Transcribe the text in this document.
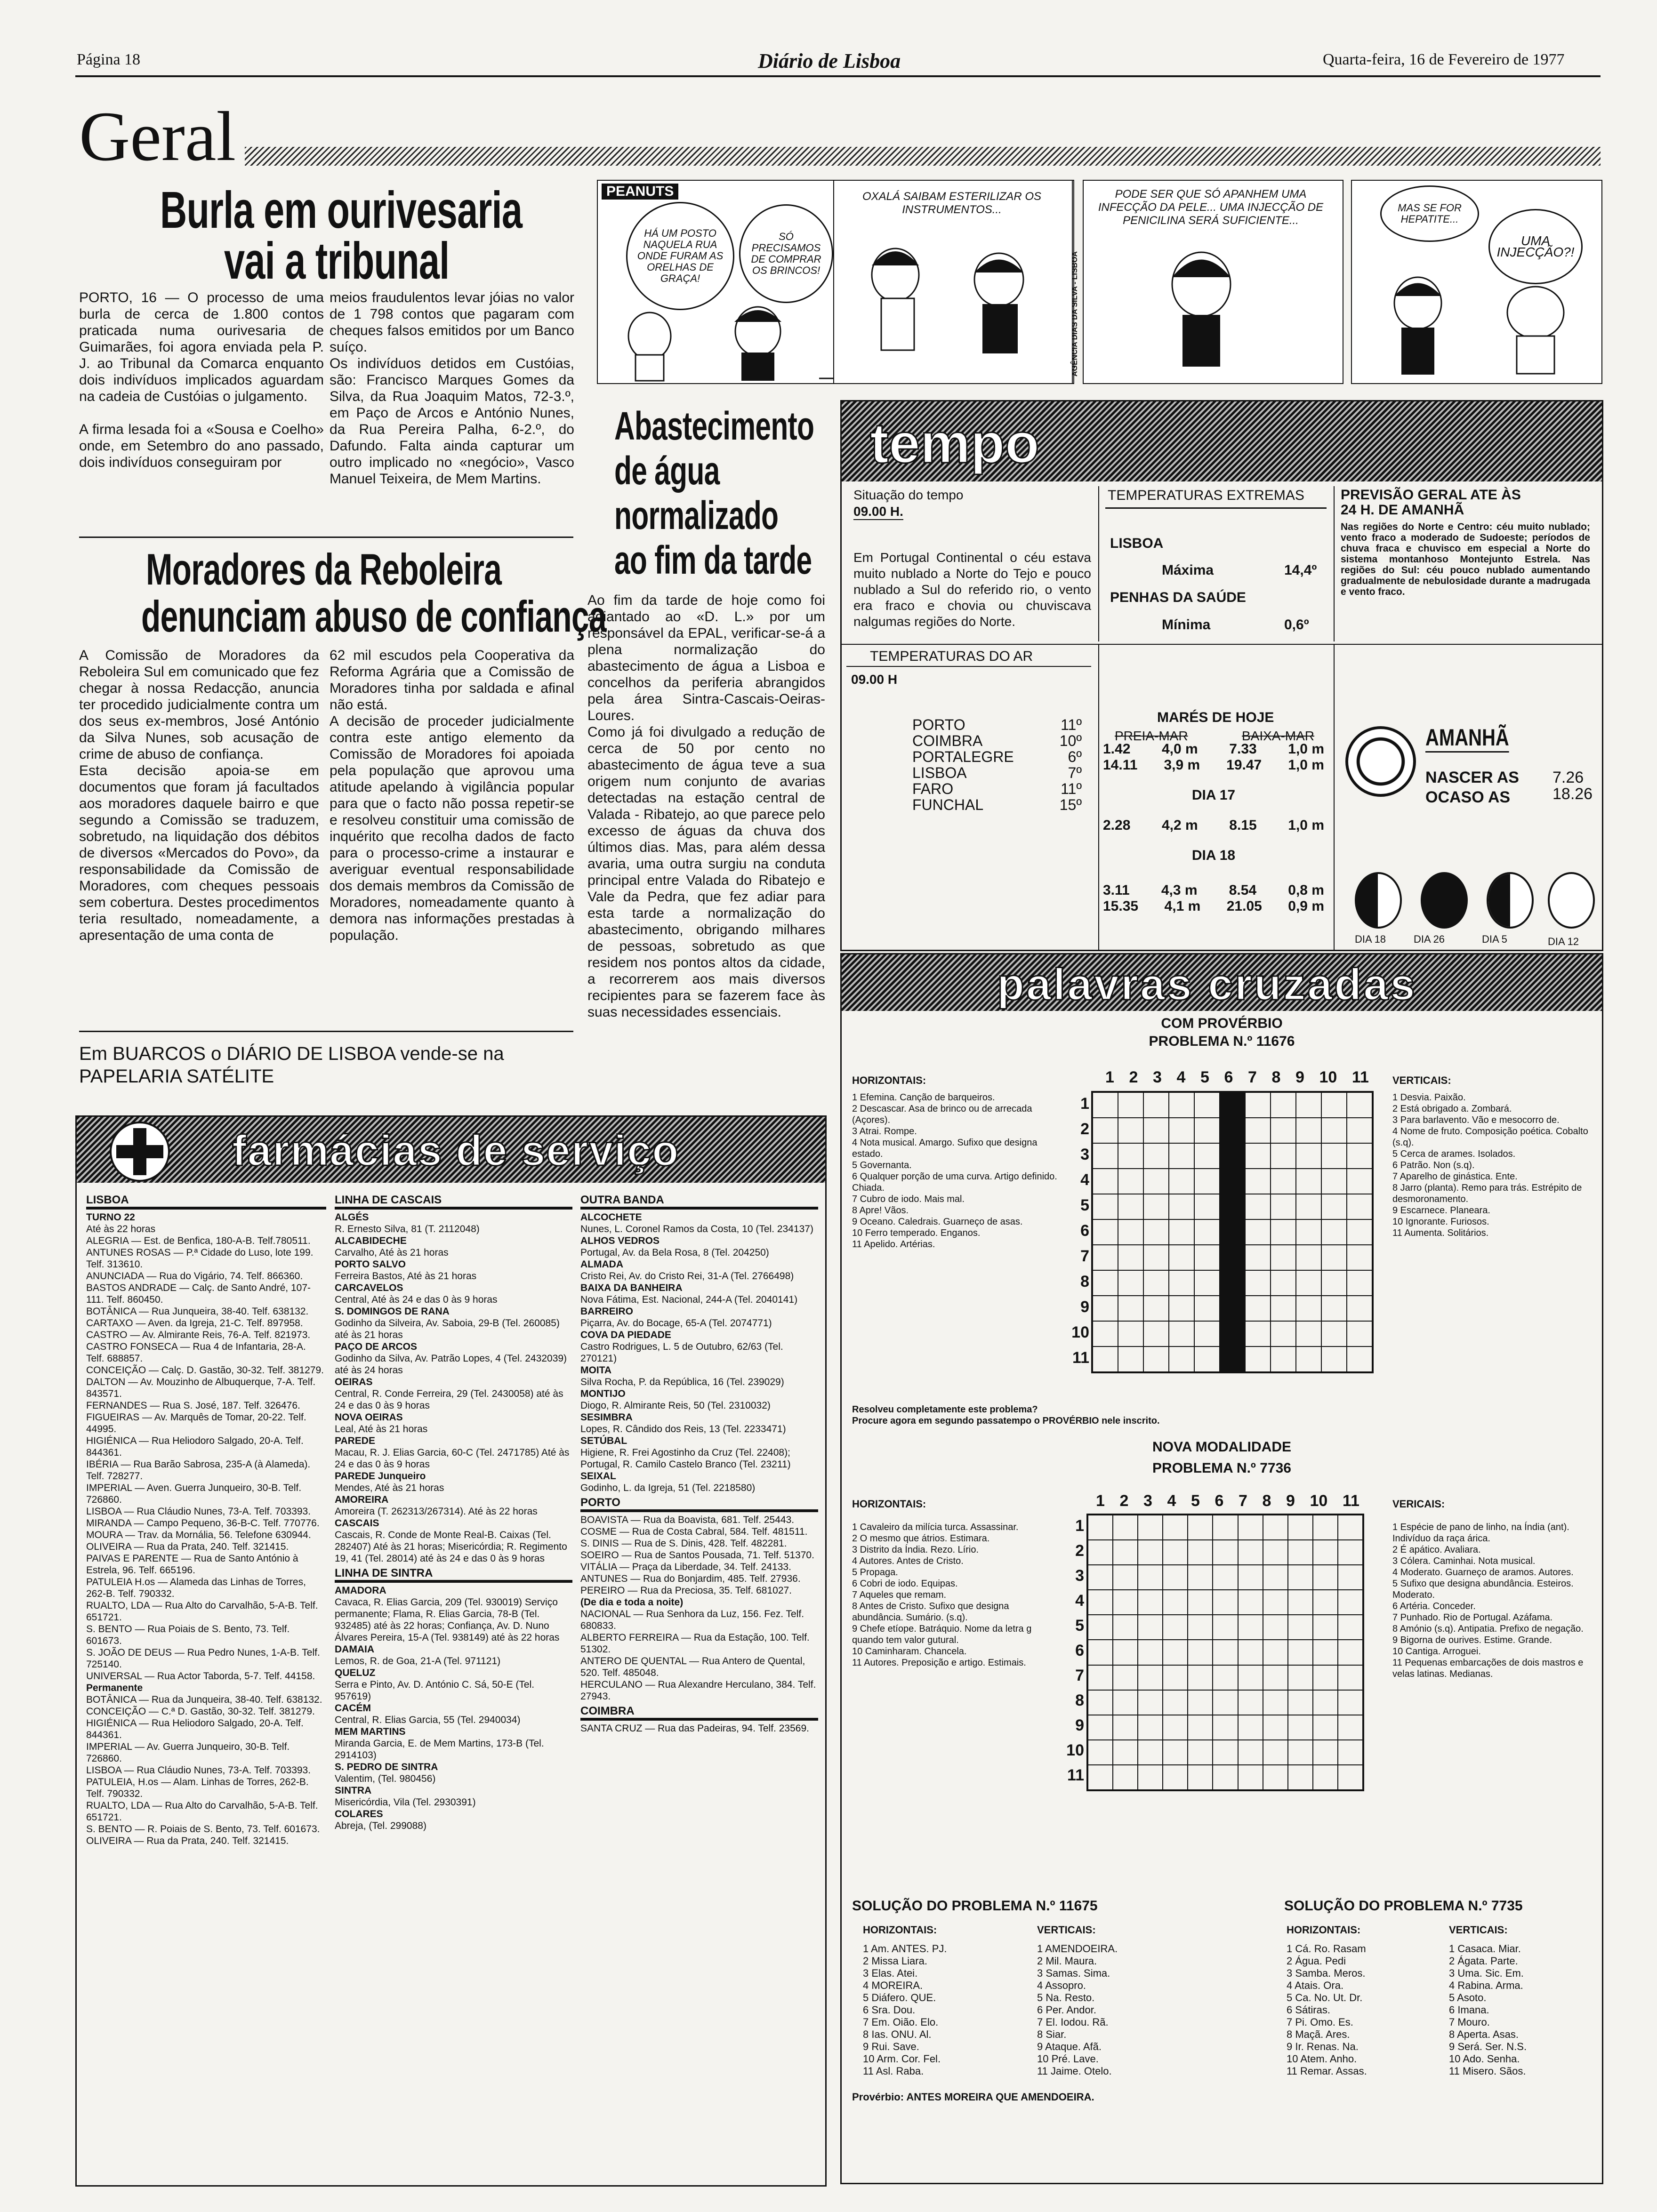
Página 18	Diário de Lisboa	Quarta-feira, 16 de Fevereiro de 1977
Geral
Burla em ourivesaria
vai a tribunal
PORTO, 16 — O processo de uma burla de cerca de 1.800 contos praticada numa ourivesaria de Guimarães, foi agora enviada pela P. J. ao Tribunal da Comarca enquanto dois indivíduos implicados aguardam na cadeia de Custóias o julgamento.

A firma lesada foi a «Sousa e Coelho» onde, em Setembro do ano passado, dois indivíduos conseguiram por
meios fraudulentos levar jóias no valor de 1 798 contos que pagaram com cheques falsos emitidos por um Banco suíço.
Os indivíduos detidos em Custóias, são: Francisco Marques Gomes da Silva, da Rua Joaquim Matos, 72-3.º, em Paço de Arcos e António Nunes, da Rua Pereira Palha, 6-2.º, do Dafundo. Falta ainda capturar um outro implicado no «negócio», Vasco Manuel Teixeira, de Mem Martins.
Moradores da Reboleira
denunciam abuso de confiança
A Comissão de Moradores da Reboleira Sul em comunicado que fez chegar à nossa Redacção, anuncia ter procedido judicialmente contra um dos seus ex-membros, José António da Silva Nunes, sob acusação de crime de abuso de confiança.
Esta decisão apoia-se em documentos que foram já facultados aos moradores daquele bairro e que segundo a Comissão se traduzem, sobretudo, na liquidação dos débitos de diversos «Mercados do Povo», da responsabilidade da Comissão de Moradores, com cheques pessoais sem cobertura. Destes procedimentos teria resultado, nomeadamente, a apresentação de uma conta de
62 mil escudos pela Cooperativa da Reforma Agrária que a Comissão de Moradores tinha por saldada e afinal não está.
A decisão de proceder judicialmente contra este antigo elemento da Comissão de Moradores foi apoiada pela população que aprovou uma atitude apelando à vigilância popular para que o facto não possa repetir-se e resolveu constituir uma comissão de inquérito que recolha dados de facto para o processo-crime a instaurar e averiguar eventual responsabilidade dos demais membros da Comissão de Moradores, nomeadamente quanto à demora nas informações prestadas à população.
Em BUARCOS o DIÁRIO DE LISBOA vende-se na PAPELARIA SATÉLITE
PEANUTS
HÁ UM POSTO NAQUELA RUA ONDE FURAM AS ORELHAS DE GRAÇA!
SÓ PRECISAMOS DE COMPRAR OS BRINCOS!
OXALÁ SAIBAM ESTERILIZAR OS INSTRUMENTOS...
AGÊNCIA DIAS DA SILVA - LISBOA
PODE SER QUE SÓ APANHEM UMA INFECÇÃO DA PELE... UMA INJECÇÃO DE PENICILINA SERÁ SUFICIENTE...
MAS SE FOR HEPATITE...
UMA INJECÇÃO?!
Abastecimento
de água
normalizado
ao fim da tarde
Ao fim da tarde de hoje como foi adiantado ao «D. L.» por um responsável da EPAL, verificar-se-á a plena normalização do abastecimento de água a Lisboa e concelhos da periferia abrangidos pela área Sintra-Cascais-Oeiras-Loures.
Como já foi divulgado a redução de cerca de 50 por cento no abastecimento de água teve a sua origem num conjunto de avarias detectadas na estação central de Valada - Ribatejo, ao que parece pelo excesso de águas da chuva dos últimos dias. Mas, para além dessa avaria, uma outra surgiu na conduta principal entre Valada do Ribatejo e Vale da Pedra, que fez adiar para esta tarde a normalização do abastecimento, obrigando milhares de pessoas, sobretudo as que residem nos pontos altos da cidade, a recorrerem aos mais diversos recipientes para se fazerem face às suas necessidades essenciais.
tempo
Situação do tempo
09.00 H.
Em Portugal Continental o céu estava muito nublado a Norte do Tejo e pouco nublado a Sul do referido rio, o vento era fraco e chovia ou chuviscava nalgumas regiões do Norte.
TEMPERATURAS EXTREMAS
LISBOA
Máxima	14,4º
PENHAS DA SAÚDE
Mínima	0,6º
PREVISÃO GERAL ATE ÀS 24 H. DE AMANHÃ
Nas regiões do Norte e Centro: céu muito nublado; vento fraco a moderado de Sudoeste; períodos de chuva fraca e chuvisco em especial a Norte do sistema montanhoso Montejunto Estrela. Nas regiões do Sul: céu pouco nublado aumentando gradualmente de nebulosidade durante a madrugada e vento fraco.
TEMPERATURAS DO AR
09.00 H
PORTO	11º
COIMBRA	10º
PORTALEGRE	6º
LISBOA	7º
FARO	11º
FUNCHAL	15º
MARÉS DE HOJE
PREIA-MAR	BAIXA-MAR
1.42 4,0 m 7.33 1,0 m
14.11 3,9 m 19.47 1,0 m
DIA 17
2.28 4,2 m 8.15 1,0 m
DIA 18
3.11 4,3 m 8.54 0,8 m
15.35 4,1 m 21.05 0,9 m
AMANHÃ
NASCER AS 7.26
OCASO AS	18.26
DIA 18	DIA 26	DIA 5	DIA 12
palavras cruzadas
COM PROVÉRBIO
PROBLEMA N.º 11676
HORIZONTAIS:	VERTICAIS:
1 2 3 4 5 6 7 8 9 10 11
1
2
3
4
5
6
7
8
9
10
11
1 Efemina. Canção de barqueiros.
2 Descascar. Asa de brinco ou de arrecada (Açores).
3 Atrai. Rompe.
4 Nota musical. Amargo. Sufixo que designa estado.
5 Governanta.
6 Qualquer porção de uma curva. Artigo definido. Chiada.
7 Cubro de iodo. Mais mal.
8 Apre! Vãos.
9 Oceano. Caledrais. Guarneço de asas.
10 Ferro temperado. Enganos.
11 Apelido. Artérias.
1 Desvia. Paixão.
2 Está obrigado a. Zombará.
3 Para barlavento. Vão e mesocorro de.
4 Nome de fruto. Composição poética. Cobalto (s.q).
5 Cerca de arames. Isolados.
6 Patrão. Non (s.q).
7 Aparelho de ginástica. Ente.
8 Jarro (planta). Remo para trás. Estrépito de desmoronamento.
9 Escarnece. Planeara.
10 Ignorante. Furiosos.
11 Aumenta. Solitários.
Resolveu completamente este problema?
Procure agora em segundo passatempo o PROVÉRBIO nele inscrito.
NOVA MODALIDADE
PROBLEMA N.º 7736
HORIZONTAIS:	VERICAIS:
1 2 3 4 5 6 7 8 9 10 11
1
2
3
4
5
6
7
8
9
10
11
1 Cavaleiro da milícia turca. Assassinar.
2 O mesmo que átrios. Estimara.
3 Distrito da Índia. Rezo. Lírio.
4 Autores. Antes de Cristo.
5 Propaga.
6 Cobri de iodo. Equipas.
7 Aqueles que remam.
8 Antes de Cristo. Sufixo que designa abundância. Sumário. (s.q).
9 Chefe etíope. Batráquio. Nome da letra g quando tem valor gutural.
10 Caminharam. Chancela.
11 Autores. Preposição e artigo. Estimais.
1 Espécie de pano de linho, na Índia (ant). Indivíduo da raça árica.
2 É apático. Avaliara.
3 Cólera. Caminhai. Nota musical.
4 Moderato. Guarneço de aramos. Autores.
5 Sufixo que designa abundância. Esteiros. Moderato.
6 Artéria. Conceder.
7 Punhado. Rio de Portugal. Azáfama.
8 Amónio (s.q). Antipatia. Prefixo de negação.
9 Bigorna de ourives. Estime. Grande.
10 Cantiga. Arroguei.
11 Pequenas embarcações de dois mastros e velas latinas. Medianas.
SOLUÇÃO DO PROBLEMA N.º 11675
HORIZONTAIS:	VERTICAIS:
1 Am. ANTES. PJ.
2 Missa Liara.
3 Elas. Atei.
4 MOREIRA.
5 Diáfero. QUE.
6 Sra. Dou.
7 Em. Oião. Elo.
8 Ias. ONU. Al.
9 Rui. Save.
10 Arm. Cor. Fel.
11 Asl. Raba.
1 AMENDOEIRA.
2 Mil. Maura.
3 Samas. Sima.
4 Assopro.
5 Na. Resto.
6 Per. Andor.
7 El. Iodou. Rã.
8 Siar.
9 Ataque. Afã.
10 Pré. Lave.
11 Jaime. Otelo.
SOLUÇÃO DO PROBLEMA N.º 7735
HORIZONTAIS:	VERTICAIS:
1 Cá. Ro. Rasam
2 Água. Pedi
3 Samba. Meros.
4 Atais. Ora.
5 Ca. No. Ut. Dr.
6 Sátiras.
7 Pi. Omo. Es.
8 Maçã. Ares.
9 Ir. Renas. Na.
10 Atem. Anho.
11 Remar. Assas.
1 Casaca. Miar.
2 Ágata. Parte.
3 Uma. Sic. Em.
4 Rabina. Arma.
5 Asoto.
6 Imana.
7 Mouro.
8 Aperta. Asas.
9 Será. Ser. N.S.
10 Ado. Senha.
11 Misero. Sãos.
Provérbio: ANTES MOREIRA QUE AMENDOEIRA.
farmácias de serviço
LISBOA
TURNO 22
Até às 22 horas
ALEGRIA — Est. de Benfica, 180-A-B. Telf.780511.
ANTUNES ROSAS — P.ª Cidade do Luso, lote 199. Telf. 313610.
ANUNCIADA — Rua do Vigário, 74. Telf. 866360.
BASTOS ANDRADE — Calç. de Santo André, 107-111. Telf. 860450.
BOTÂNICA — Rua Junqueira, 38-40. Telf. 638132.
CARTAXO — Aven. da Igreja, 21-C. Telf. 897958.
CASTRO — Av. Almirante Reis, 76-A. Telf. 821973.
CASTRO FONSECA — Rua 4 de Infantaria, 28-A. Telf. 688857.
CONCEIÇÃO — Calç. D. Gastão, 30-32. Telf. 381279.
DALTON — Av. Mouzinho de Albuquerque, 7-A. Telf. 843571.
FERNANDES — Rua S. José, 187. Telf. 326476.
FIGUEIRAS — Av. Marquês de Tomar, 20-22. Telf. 44995.
HIGIÉNICA — Rua Heliodoro Salgado, 20-A. Telf. 844361.
IBÉRIA — Rua Barão Sabrosa, 235-A (à Alameda). Telf. 728277.
IMPERIAL — Aven. Guerra Junqueiro, 30-B. Telf. 726860.
LISBOA — Rua Cláudio Nunes, 73-A. Telf. 703393.
MIRANDA — Campo Pequeno, 36-B-C. Telf. 770776.
MOURA — Trav. da Mornália, 56. Telefone 630944.
OLIVEIRA — Rua da Prata, 240. Telf. 321415.
PAIVAS E PARENTE — Rua de Santo António à Estrela, 96. Telf. 665196.
PATULEIA H.os — Alameda das Linhas de Torres, 262-B. Telf. 790332.
RUALTO, LDA — Rua Alto do Carvalhão, 5-A-B. Telf. 651721.
S. BENTO — Rua Poiais de S. Bento, 73. Telf. 601673.
S. JOÃO DE DEUS — Rua Pedro Nunes, 1-A-B. Telf. 725140.
UNIVERSAL — Rua Actor Taborda, 5-7. Telf. 44158.
Permanente
BOTÂNICA — Rua da Junqueira, 38-40. Telf. 638132.
CONCEIÇÃO — C.ª D. Gastão, 30-32. Telf. 381279.
HIGIÉNICA — Rua Heliodoro Salgado, 20-A. Telf. 844361.
IMPERIAL — Av. Guerra Junqueiro, 30-B. Telf. 726860.
LISBOA — Rua Cláudio Nunes, 73-A. Telf. 703393.
PATULEIA, H.os — Alam. Linhas de Torres, 262-B. Telf. 790332.
RUALTO, LDA — Rua Alto do Carvalhão, 5-A-B. Telf. 651721.
S. BENTO — R. Poiais de S. Bento, 73. Telf. 601673.
OLIVEIRA — Rua da Prata, 240. Telf. 321415.
LINHA DE CASCAIS
ALGÉS
R. Ernesto Silva, 81 (T. 2112048)
ALCABIDECHE
Carvalho, Até às 21 horas
PORTO SALVO
Ferreira Bastos, Até às 21 horas
CARCAVELOS
Central, Até às 24 e das 0 às 9 horas
S. DOMINGOS DE RANA
Godinho da Silveira, Av. Saboia, 29-B (Tel. 260085) até às 21 horas
PAÇO DE ARCOS
Godinho da Silva, Av. Patrão Lopes, 4 (Tel. 2432039) até às 24 horas
OEIRAS
Central, R. Conde Ferreira, 29 (Tel. 2430058) até às 24 e das 0 às 9 horas
NOVA OEIRAS
Leal, Até às 21 horas
PAREDE
Macau, R. J. Elias Garcia, 60-C (Tel. 2471785) Até às 24 e das 0 às 9 horas
PAREDE Junqueiro
Mendes, Até às 21 horas
AMOREIRA
Amoreira (T. 262313/267314). Até às 22 horas
CASCAIS
Cascais, R. Conde de Monte Real-B. Caixas (Tel. 282407) Até às 21 horas; Misericórdia; R. Regimento 19, 41 (Tel. 28014) até às 24 e das 0 às 9 horas
LINHA DE SINTRA
AMADORA
Cavaca, R. Elias Garcia, 209 (Tel. 930019) Serviço permanente; Flama, R. Elias Garcia, 78-B (Tel. 932485) até às 22 horas; Confiança, Av. D. Nuno Álvares Pereira, 15-A (Tel. 938149) até às 22 horas
DAMAIA
Lemos, R. de Goa, 21-A (Tel. 971121)
QUELUZ
Serra e Pinto, Av. D. António C. Sá, 50-E (Tel. 957619)
CACÉM
Central, R. Elias Garcia, 55 (Tel. 2940034)
MEM MARTINS
Miranda Garcia, E. de Mem Martins, 173-B (Tel. 2914103)
S. PEDRO DE SINTRA
Valentim, (Tel. 980456)
SINTRA
Misericórdia, Vila (Tel. 2930391)
COLARES
Abreja, (Tel. 299088)
OUTRA BANDA
ALCOCHETE
Nunes, L. Coronel Ramos da Costa, 10 (Tel. 234137)
ALHOS VEDROS
Portugal, Av. da Bela Rosa, 8 (Tel. 204250)
ALMADA
Cristo Rei, Av. do Cristo Rei, 31-A (Tel. 2766498)
BAIXA DA BANHEIRA
Nova Fátima, Est. Nacional, 244-A (Tel. 2040141)
BARREIRO
Piçarra, Av. do Bocage, 65-A (Tel. 2074771)
COVA DA PIEDADE
Castro Rodrigues, L. 5 de Outubro, 62/63 (Tel. 270121)
MOITA
Silva Rocha, P. da República, 16 (Tel. 239029)
MONTIJO
Diogo, R. Almirante Reis, 50 (Tel. 2310032)
SESIMBRA
Lopes, R. Cândido dos Reis, 13 (Tel. 2233471)
SETÚBAL
Higiene, R. Frei Agostinho da Cruz (Tel. 22408); Portugal, R. Camilo Castelo Branco (Tel. 23211)
SEIXAL
Godinho, L. da Igreja, 51 (Tel. 2218580)
PORTO
BOAVISTA — Rua da Boavista, 681. Telf. 25443.
COSME — Rua de Costa Cabral, 584. Telf. 481511.
S. DINIS — Rua de S. Dinis, 428. Telf. 482281.
SOEIRO — Rua de Santos Pousada, 71. Telf. 51370.
VITÁLIA — Praça da Liberdade, 34. Telf. 24133.
ANTUNES — Rua do Bonjardim, 485. Telf. 27936.
PEREIRO — Rua da Preciosa, 35. Telf. 681027.
(De dia e toda a noite)
NACIONAL — Rua Senhora da Luz, 156. Fez. Telf. 680833.
ALBERTO FERREIRA — Rua da Estação, 100. Telf. 51302.
ANTERO DE QUENTAL — Rua Antero de Quental, 520. Telf. 485048.
HERCULANO — Rua Alexandre Herculano, 384. Telf. 27943.
COIMBRA
SANTA CRUZ — Rua das Padeiras, 94. Telf. 23569.
